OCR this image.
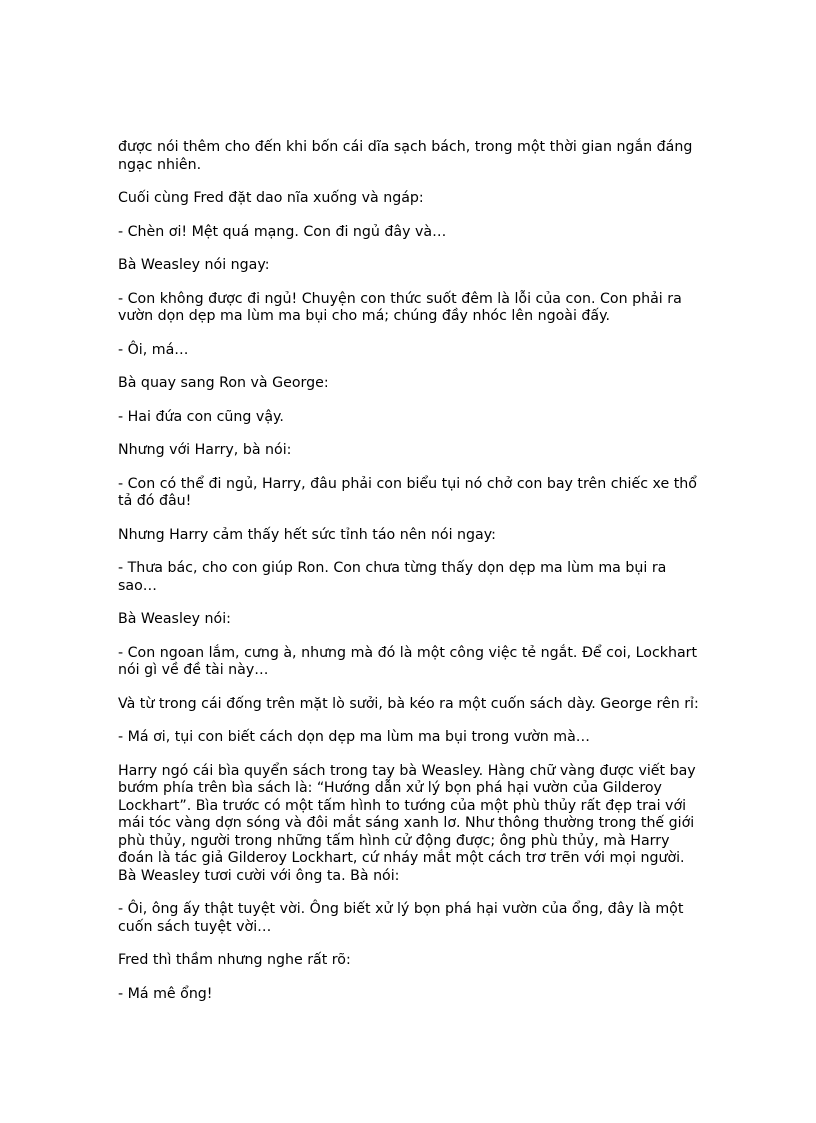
được nói thêm cho đến khi bốn cái dĩa sạch bách, trong một thời gian ngắn đáng ngạc nhiên.

Cuối cùng Fred đặt dao nĩa xuống và ngáp:

- Chèn ơi! Mệt quá mạng. Con đi ngủ đây và…

Bà Weasley nói ngay:

- Con không được đi ngủ! Chuyện con thức suốt đêm là lỗi của con. Con phải ra vườn dọn dẹp ma lùm ma bụi cho má; chúng đầy nhóc lên ngoài đấy.

- Ôi, má…

Bà quay sang Ron và George:

- Hai đứa con cũng vậy.

Nhưng với Harry, bà nói:

- Con có thể đi ngủ, Harry, đâu phải con biểu tụi nó chở con bay trên chiếc xe thổ tả đó đâu!

Nhưng Harry cảm thấy hết sức tỉnh táo nên nói ngay:

- Thưa bác, cho con giúp Ron. Con chưa từng thấy dọn dẹp ma lùm ma bụi ra sao…

Bà Weasley nói:

- Con ngoan lắm, cưng à, nhưng mà đó là một công việc tẻ ngắt. Để coi, Lockhart nói gì về đề tài này…

Và từ trong cái đống trên mặt lò sưởi, bà kéo ra một cuốn sách dày. George rên rỉ:

- Má ơi, tụi con biết cách dọn dẹp ma lùm ma bụi trong vườn mà…

Harry ngó cái bìa quyển sách trong tay bà Weasley. Hàng chữ vàng được viết bay bướm phía trên bìa sách là: “Hướng dẫn xử lý bọn phá hại vườn của Gilderoy Lockhart”. Bìa trước có một tấm hình to tướng của một phù thủy rất đẹp trai với mái tóc vàng dợn sóng và đôi mắt sáng xanh lơ. Như thông thường trong thế giới phù thủy, người trong những tấm hình cử động được; ông phù thủy, mà Harry đoán là tác giả Gilderoy Lockhart, cứ nháy mắt một cách trơ trẽn với mọi người. Bà Weasley tươi cười với ông ta. Bà nói:

- Ôi, ông ấy thật tuyệt vời. Ông biết xử lý bọn phá hại vườn của ổng, đây là một cuốn sách tuyệt vời…

Fred thì thầm nhưng nghe rất rõ:

- Má mê ổng!
